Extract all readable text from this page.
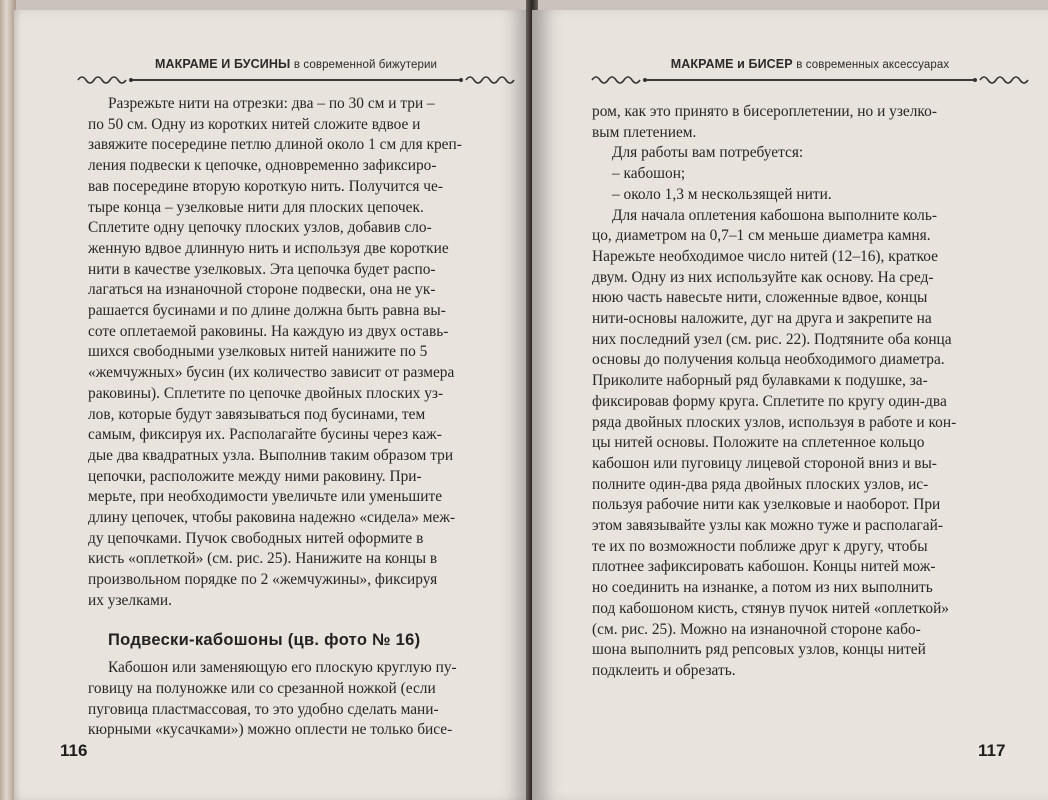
МАКРАМЕ И БУСИНЫ в современной бижутерии

Разрежьте нити на отрезки: два – по 30 см и три –
по 50 см. Одну из коротких нитей сложите вдвое и
завяжите посередине петлю длиной около 1 см для креп-
ления подвески к цепочке, одновременно зафиксиро-
вав посередине вторую короткую нить. Получится че-
тыре конца – узелковые нити для плоских цепочек.
Сплетите одну цепочку плоских узлов, добавив сло-
женную вдвое длинную нить и используя две короткие
нити в качестве узелковых. Эта цепочка будет распо-
лагаться на изнаночной стороне подвески, она не ук-
рашается бусинами и по длине должна быть равна вы-
соте оплетаемой раковины. На каждую из двух оставь-
шихся свободными узелковых нитей нанижите по 5
«жемчужных» бусин (их количество зависит от размера
раковины). Сплетите по цепочке двойных плоских уз-
лов, которые будут завязываться под бусинами, тем
самым, фиксируя их. Располагайте бусины через каж-
дые два квадратных узла. Выполнив таким образом три
цепочки, расположите между ними раковину. При-
мерьте, при необходимости увеличьте или уменьшите
длину цепочек, чтобы раковина надежно «сидела» меж-
ду цепочками. Пучок свободных нитей оформите в
кисть «оплеткой» (см. рис. 25). Нанижите на концы в
произвольном порядке по 2 «жемчужины», фиксируя
их узелками.

Подвески-кабошоны (цв. фото № 16)

Кабошон или заменяющую его плоскую круглую пу-
говицу на полуножке или со срезанной ножкой (если
пуговица пластмассовая, то это удобно сделать мани-
кюрными «кусачками») можно оплести не только бисе-

116
МАКРАМЕ и БИСЕР в современных аксессуарах

ром, как это принято в бисероплетении, но и узелко-
вым плетением.

Для работы вам потребуется:

– кабошон;
– около 1,3 м нескользящей нити.

Для начала оплетения кабошона выполните коль-
цо, диаметром на 0,7–1 см меньше диаметра камня.
Нарежьте необходимое число нитей (12–16), краткое
двум. Одну из них используйте как основу. На сред-
нюю часть навесьте нити, сложенные вдвое, концы
нити-основы наложите, дуг на друга и закрепите на
них последний узел (см. рис. 22). Подтяните оба конца
основы до получения кольца необходимого диаметра.
Приколите наборный ряд булавками к подушке, за-
фиксировав форму круга. Сплетите по кругу один-два
ряда двойных плоских узлов, используя в работе и кон-
цы нитей основы. Положите на сплетенное кольцо
кабошон или пуговицу лицевой стороной вниз и вы-
полните один-два ряда двойных плоских узлов, ис-
пользуя рабочие нити как узелковые и наоборот. При
этом завязывайте узлы как можно туже и располагай-
те их по возможности поближе друг к другу, чтобы
плотнее зафиксировать кабошон. Концы нитей мож-
но соединить на изнанке, а потом из них выполнить
под кабошоном кисть, стянув пучок нитей «оплеткой»
(см. рис. 25). Можно на изнаночной стороне кабо-
шона выполнить ряд репсовых узлов, концы нитей
подклеить и обрезать.

117
